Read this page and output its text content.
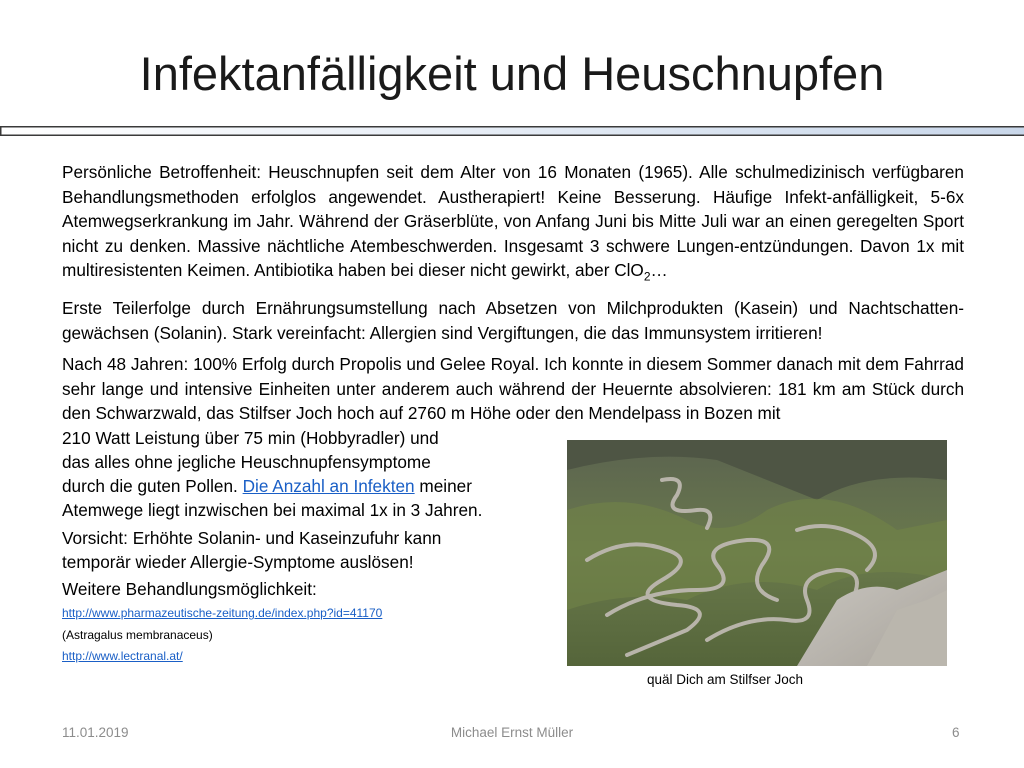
Infektanfälligkeit und Heuschnupfen

Persönliche Betroffenheit: Heuschnupfen seit dem Alter von 16 Monaten (1965). Alle schulmedizinisch verfügbaren Behandlungsmethoden erfolglos angewendet. Austherapiert! Keine Besserung. Häufige Infekt-anfälligkeit, 5-6x Atemwegserkrankung im Jahr. Während der Gräserblüte, von Anfang Juni bis Mitte Juli war an einen geregelten Sport nicht zu denken. Massive nächtliche Atembeschwerden. Insgesamt 3 schwere Lungen-entzündungen. Davon 1x mit multiresistenten Keimen. Antibiotika haben bei dieser nicht gewirkt, aber ClO$_2$…

Erste Teilerfolge durch Ernährungsumstellung nach Absetzen von Milchprodukten (Kasein) und Nachtschatten-gewächsen (Solanin). Stark vereinfacht: Allergien sind Vergiftungen, die das Immunsystem irritieren!

Nach 48 Jahren: 100% Erfolg durch Propolis und Gelee Royal. Ich konnte in diesem Sommer danach mit dem Fahrrad sehr lange und intensive Einheiten unter anderem auch während der Heuernte absolvieren: 181 km am Stück durch den Schwarzwald, das Stilfser Joch hoch auf 2760 m Höhe oder den Mendelpass in Bozen mit

210 Watt Leistung über 75 min (Hobbyradler) und

das alles ohne jegliche Heuschnupfensymptome

durch die guten Pollen. Die Anzahl an Infekten meiner

Atemwege liegt inzwischen bei maximal 1x in 3 Jahren.

Vorsicht: Erhöhte Solanin- und Kaseinzufuhr kann

temporär wieder Allergie-Symptome auslösen!

Weitere Behandlungsmöglichkeit:

http://www.pharmazeutische-zeitung.de/index.php?id=41170

(Astragalus membranaceus)

http://www.lectranal.at/
quäl Dich am Stilfser Joch
11.01.2019	Michael Ernst Müller	6
